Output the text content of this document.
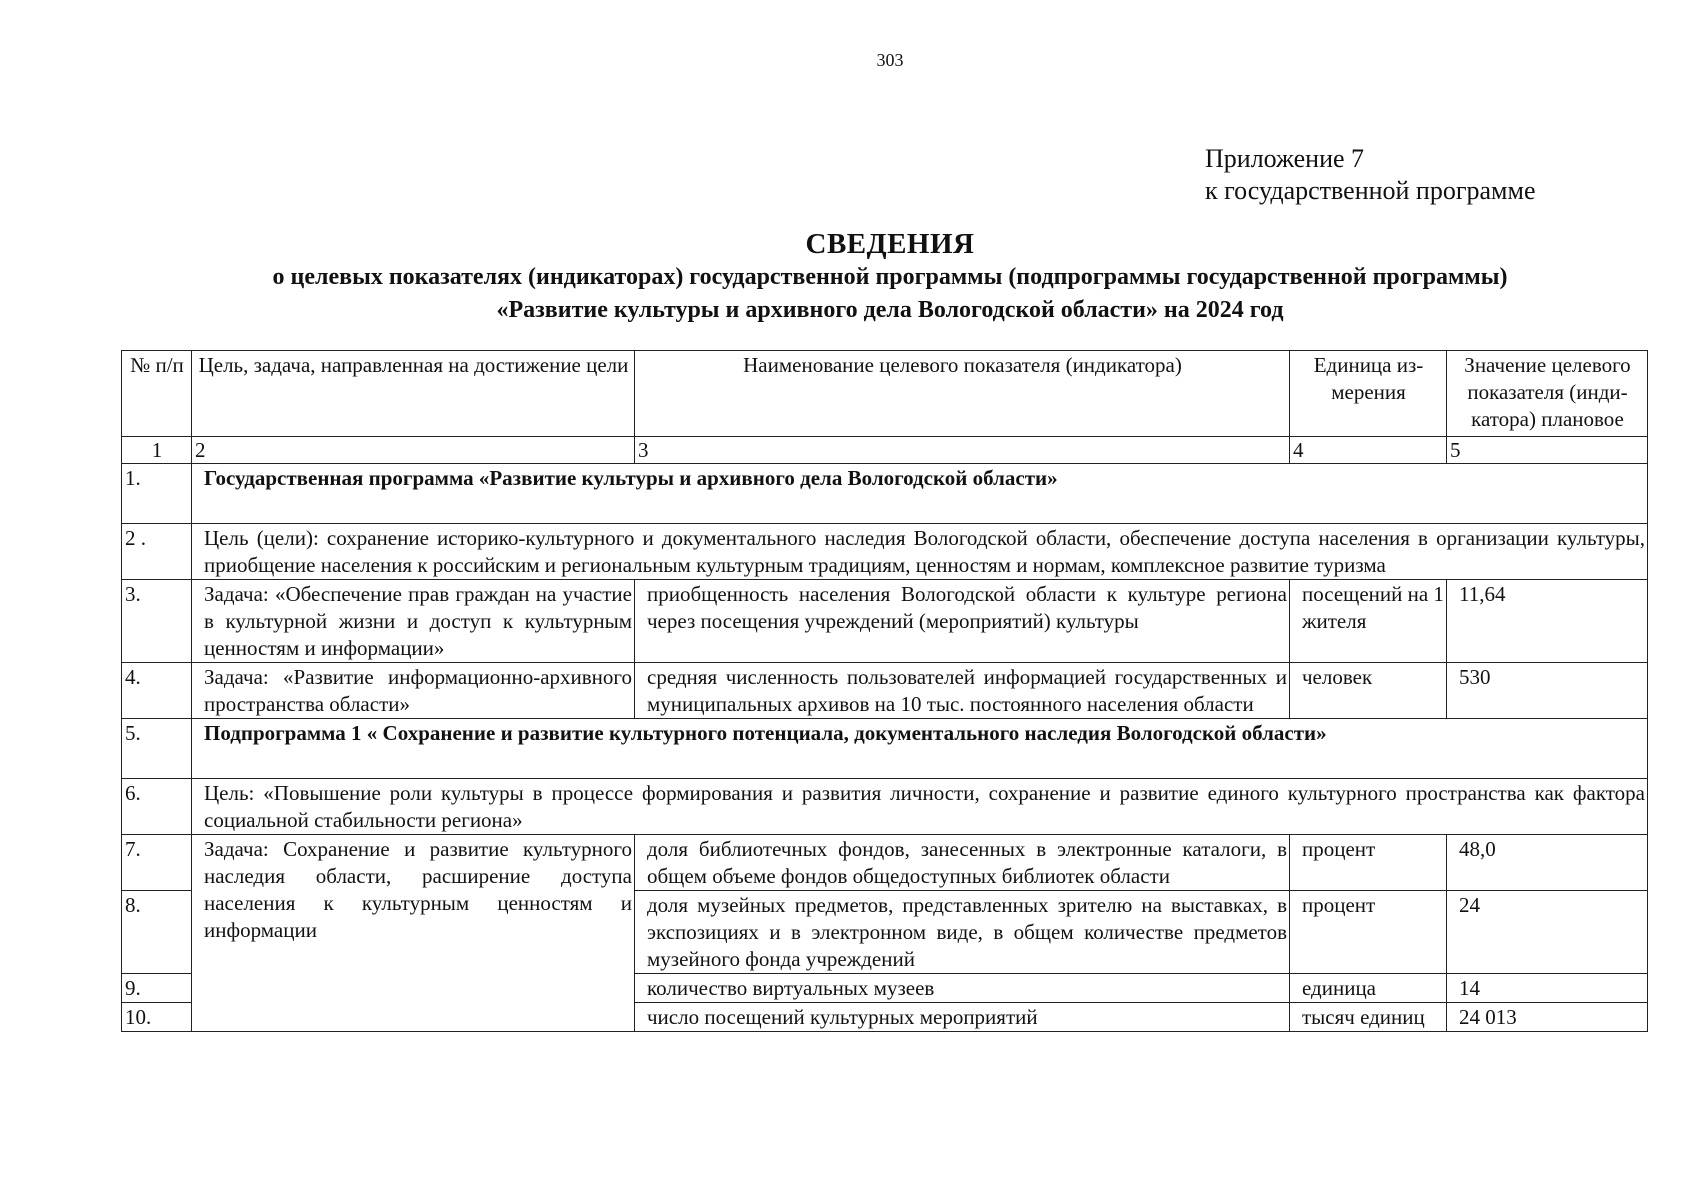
303
Приложение 7
к государственной программе
СВЕДЕНИЯ
о целевых показателях (индикаторах) государственной программы (подпрограммы государственной программы)
«Развитие культуры и архивного дела Вологодской области» на 2024 год
№ п/п	Цель, задача, направленная на достижение цели	Наименование целевого показателя (индикатора)	Единица из-мерения	Значение целевого показателя (инди-катора) плановое
1	2	3	4	5
1.	Государственная программа «Развитие культуры и архивного дела Вологодской области»			
2 .	Цель (цели): сохранение историко-культурного и документального наследия Вологодской области, обеспечение доступа населения в организации культуры, приобщение населения к российским и региональным культурным традициям, ценностям и нормам, комплексное развитие туризма			
3.	Задача: «Обеспечение прав граждан на участие в культурной жизни и доступ к культурным ценностям и информации»	приобщенность населения Вологодской области к культуре региона через посещения учреждений (мероприятий) культуры	посещений на 1 жителя	11,64
4.	Задача: «Развитие информационно-архивного пространства области»	средняя численность пользователей информацией государственных и муниципальных архивов на 10 тыс. постоянного населения области	человек	530
5.	Подпрограмма 1 « Сохранение и развитие культурного потенциала, документального наследия Вологодской области»			
6.	Цель: «Повышение роли культуры в процессе формирования и развития личности, сохранение и развитие единого культурного пространства как фактора социальной стабильности региона»			
7.	Задача: Сохранение и развитие культурного наследия области, расширение доступа населения к культурным ценностям и информации	доля библиотечных фондов, занесенных в электронные каталоги, в общем объеме фондов общедоступных библиотек области	процент	48,0
8.		доля музейных предметов, представленных зрителю на выставках, в экспозициях и в электронном виде, в общем количестве предметов музейного фонда учреждений	процент	24
9.		количество виртуальных музеев	единица	14
10.		число посещений культурных мероприятий	тысяч единиц	24 013
